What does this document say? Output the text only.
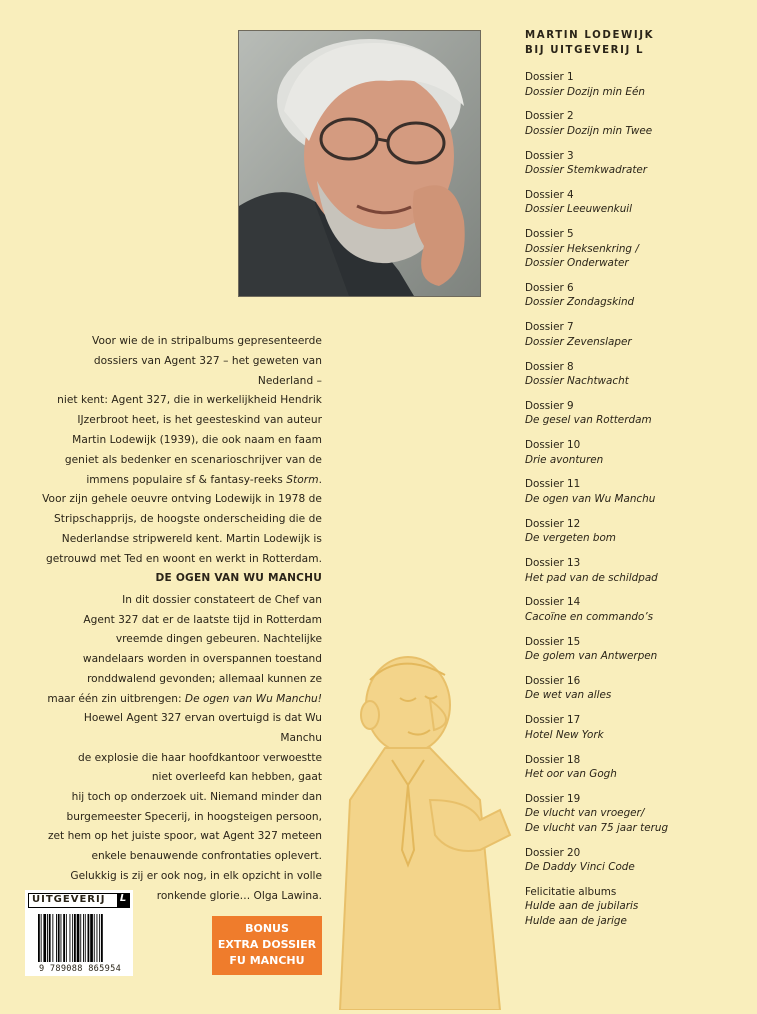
Voor wie de in stripalbums gepresenteerde

dossiers van Agent 327 – het geweten van Nederland –

niet kent: Agent 327, die in werkelijkheid Hendrik

IJzerbroot heet, is het geesteskind van auteur

Martin Lodewijk (1939), die ook naam en faam

geniet als bedenker en scenarioschrijver van de

immens populaire sf & fantasy-reeks Storm.

Voor zijn gehele oeuvre ontving Lodewijk in 1978 de

Stripschapprijs, de hoogste onderscheiding die de

Nederlandse stripwereld kent. Martin Lodewijk is

getrouwd met Ted en woont en werkt in Rotterdam.

DE OGEN VAN WU MANCHU

In dit dossier constateert de Chef van

Agent 327 dat er de laatste tijd in Rotterdam

vreemde dingen gebeuren. Nachtelijke

wandelaars worden in overspannen toestand

ronddwalend gevonden; allemaal kunnen ze

maar één zin uitbrengen: De ogen van Wu Manchu!

Hoewel Agent 327 ervan overtuigd is dat Wu Manchu

de explosie die haar hoofdkantoor verwoestte

niet overleefd kan hebben, gaat

hij toch op onderzoek uit. Niemand minder dan

burgemeester Specerij, in hoogsteigen persoon,

zet hem op het juiste spoor, wat Agent 327 meteen

enkele benauwende confrontaties oplevert.

Gelukkig is zij er ook nog, in elk opzicht in volle

ronkende glorie… Olga Lawina.

MARTIN LODEWIJK
BIJ UITGEVERIJ L
Dossier 1
Dossier Dozijn min Eén
Dossier 2
Dossier Dozijn min Twee
Dossier 3
Dossier Stemkwadrater
Dossier 4
Dossier Leeuwenkuil
Dossier 5
Dossier Heksenkring /
Dossier Onderwater
Dossier 6
Dossier Zondagskind
Dossier 7
Dossier Zevenslaper
Dossier 8
Dossier Nachtwacht
Dossier 9
De gesel van Rotterdam
Dossier 10
Drie avonturen
Dossier 11
De ogen van Wu Manchu
Dossier 12
De vergeten bom
Dossier 13
Het pad van de schildpad
Dossier 14
Cacoïne en commando’s
Dossier 15
De golem van Antwerpen
Dossier 16
De wet van alles
Dossier 17
Hotel New York
Dossier 18
Het oor van Gogh
Dossier 19
De vlucht van vroeger/
De vlucht van 75 jaar terug
Dossier 20
De Daddy Vinci Code
Felicitatie albums
Hulde aan de jubilaris
Hulde aan de jarige
UITGEVERIJ L
9 789088 865954
BONUS
EXTRA DOSSIER
FU MANCHU
